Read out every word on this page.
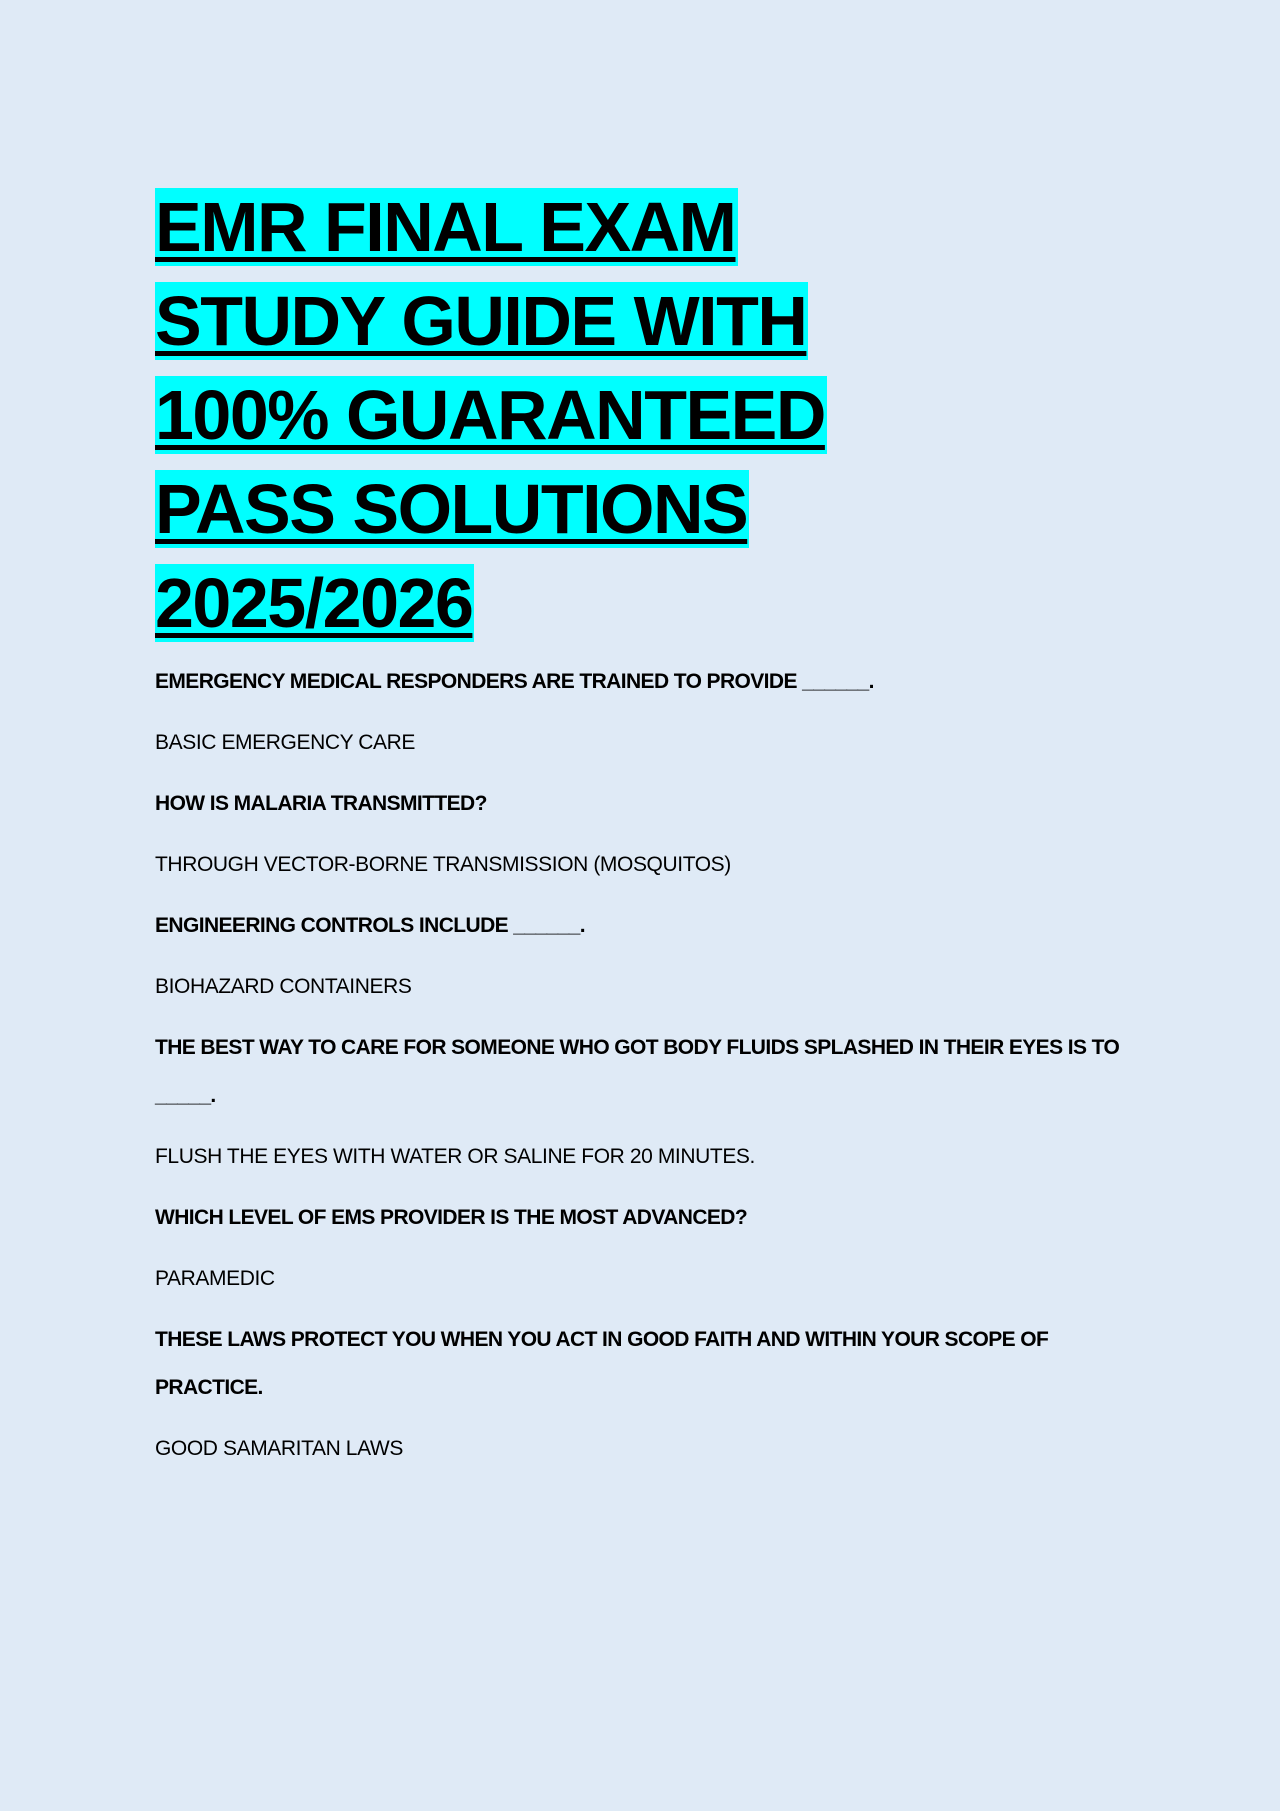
EMR FINAL EXAM STUDY GUIDE WITH 100% GUARANTEED PASS SOLUTIONS 2025/2026

EMERGENCY MEDICAL RESPONDERS ARE TRAINED TO PROVIDE ______.

BASIC EMERGENCY CARE

HOW IS MALARIA TRANSMITTED?

THROUGH VECTOR-BORNE TRANSMISSION (MOSQUITOS)

ENGINEERING CONTROLS INCLUDE ______.

BIOHAZARD CONTAINERS

THE BEST WAY TO CARE FOR SOMEONE WHO GOT BODY FLUIDS SPLASHED IN THEIR EYES IS TO _____.

FLUSH THE EYES WITH WATER OR SALINE FOR 20 MINUTES.

WHICH LEVEL OF EMS PROVIDER IS THE MOST ADVANCED?

PARAMEDIC

THESE LAWS PROTECT YOU WHEN YOU ACT IN GOOD FAITH AND WITHIN YOUR SCOPE OF PRACTICE.

GOOD SAMARITAN LAWS
